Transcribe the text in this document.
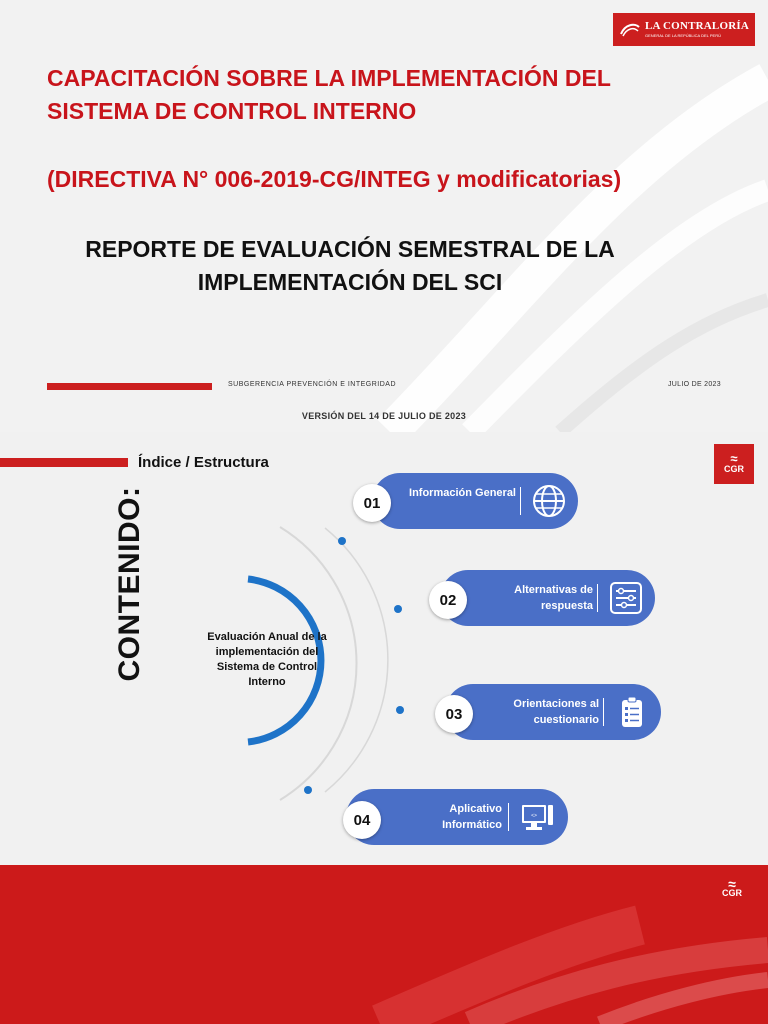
LA CONTRALORÍA
GENERAL DE LA REPÚBLICA DEL PERÚ
CAPACITACIÓN SOBRE LA IMPLEMENTACIÓN DEL SISTEMA DE CONTROL INTERNO
(DIRECTIVA N° 006-2019-CG/INTEG y modificatorias)
REPORTE DE EVALUACIÓN SEMESTRAL DE LA
IMPLEMENTACIÓN DEL SCI
SUBGERENCIA PREVENCIÓN E INTEGRIDAD	JULIO DE 2023
VERSIÓN DEL 14 DE JULIO DE 2023
Índice / Estructura	≈
CGR
CONTENIDO:	Evaluación Anual de la implementación del Sistema de Control Interno
Información General
01
Alternativas de respuesta
02
Orientaciones al cuestionario
03
Aplicativo Informático
<>
04
≈
CGR
